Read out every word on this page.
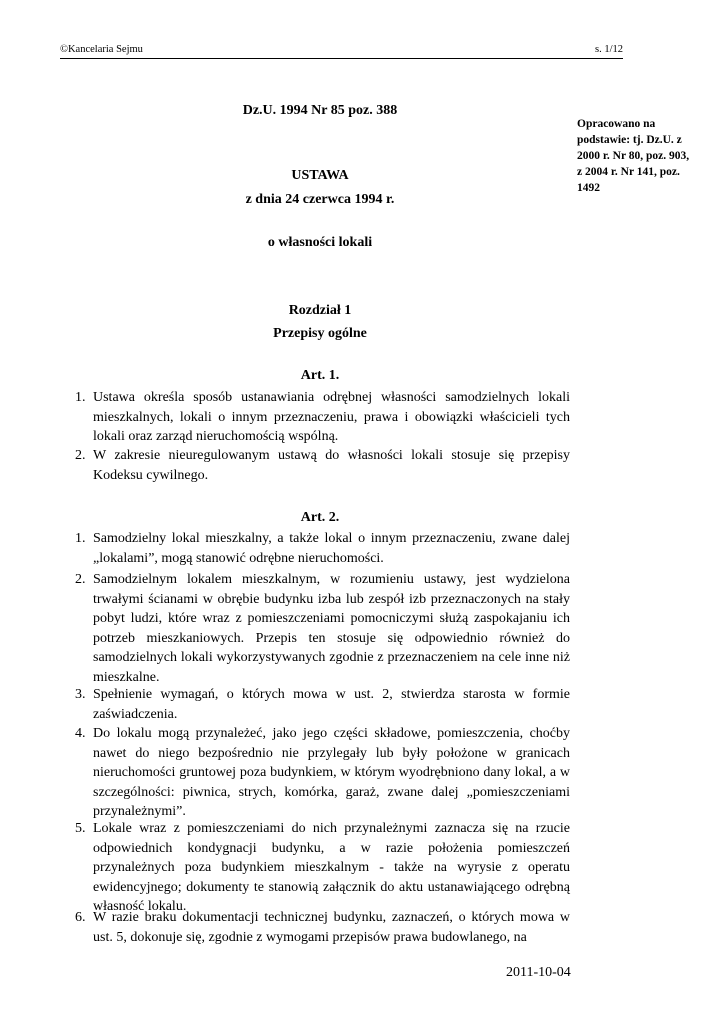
©Kancelaria Sejmu	s. 1/12
Dz.U. 1994 Nr 85 poz. 388
Opracowano na podstawie: tj. Dz.U. z 2000 r. Nr 80, poz. 903, z 2004 r. Nr 141, poz. 1492
USTAWA
z dnia 24 czerwca 1994 r.
o własności lokali
Rozdział 1
Przepisy ogólne
Art. 1.
1. Ustawa określa sposób ustanawiania odrębnej własności samodzielnych lokali mieszkalnych, lokali o innym przeznaczeniu, prawa i obowiązki właścicieli tych lokali oraz zarząd nieruchomością wspólną.
2. W zakresie nieuregulowanym ustawą do własności lokali stosuje się przepisy Kodeksu cywilnego.
Art. 2.
1. Samodzielny lokal mieszkalny, a także lokal o innym przeznaczeniu, zwane dalej „lokalami”, mogą stanowić odrębne nieruchomości.
2. Samodzielnym lokalem mieszkalnym, w rozumieniu ustawy, jest wydzielona trwałymi ścianami w obrębie budynku izba lub zespół izb przeznaczonych na stały pobyt ludzi, które wraz z pomieszczeniami pomocniczymi służą zaspokajaniu ich potrzeb mieszkaniowych. Przepis ten stosuje się odpowiednio również do samodzielnych lokali wykorzystywanych zgodnie z przeznaczeniem na cele inne niż mieszkalne.
3. Spełnienie wymagań, o których mowa w ust. 2, stwierdza starosta w formie zaświadczenia.
4. Do lokalu mogą przynależeć, jako jego części składowe, pomieszczenia, choćby nawet do niego bezpośrednio nie przylegały lub były położone w granicach nieruchomości gruntowej poza budynkiem, w którym wyodrębniono dany lokal, a w szczególności: piwnica, strych, komórka, garaż, zwane dalej „pomieszczeniami przynależnymi”.
5. Lokale wraz z pomieszczeniami do nich przynależnymi zaznacza się na rzucie odpowiednich kondygnacji budynku, a w razie położenia pomieszczeń przynależnych poza budynkiem mieszkalnym - także na wyrysie z operatu ewidencyjnego; dokumenty te stanowią załącznik do aktu ustanawiającego odrębną własność lokalu.
6. W razie braku dokumentacji technicznej budynku, zaznaczeń, o których mowa w ust. 5, dokonuje się, zgodnie z wymogami przepisów prawa budowlanego, na
2011-10-04
